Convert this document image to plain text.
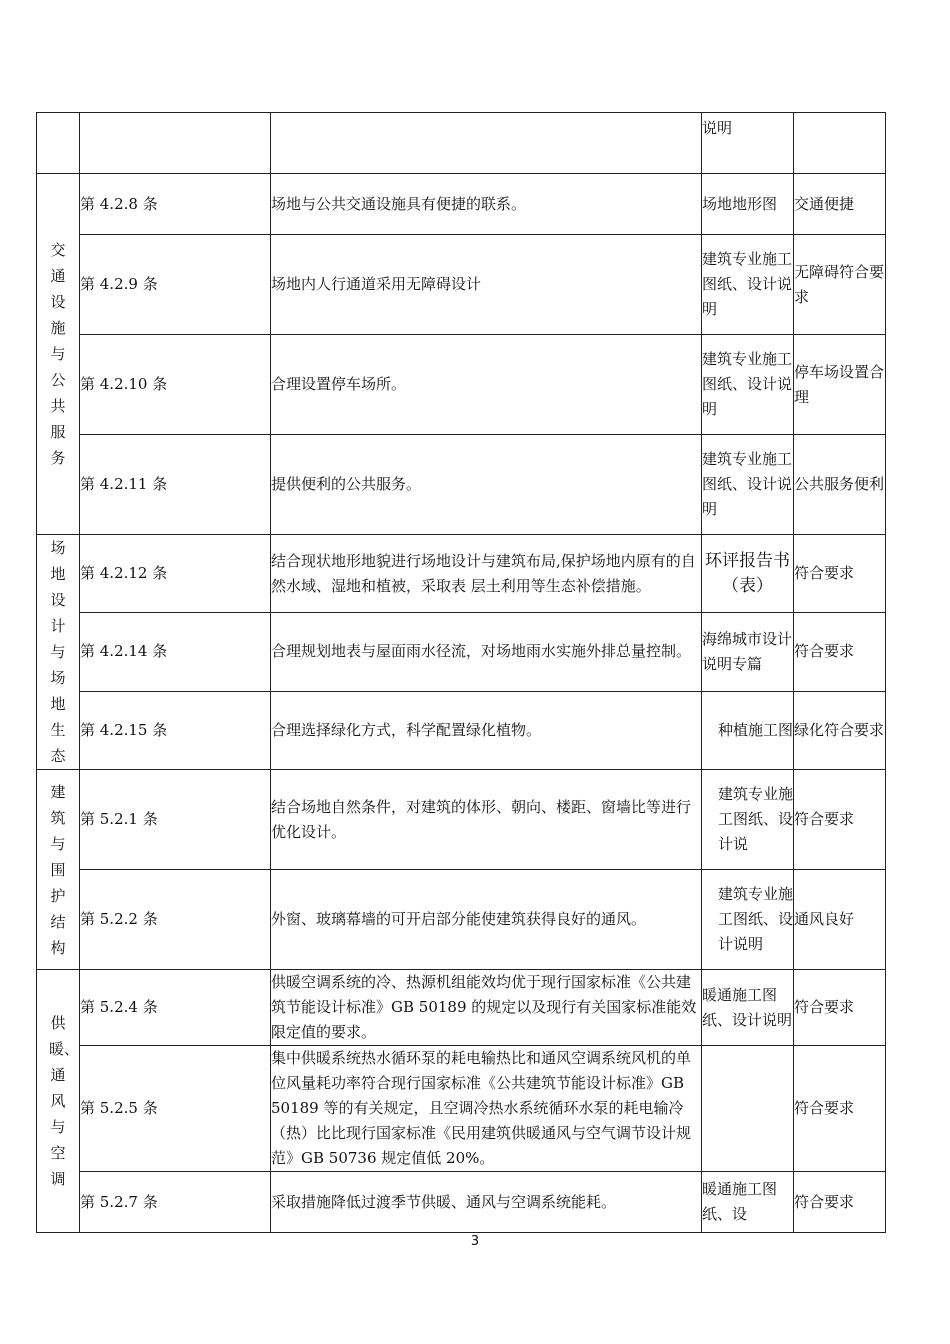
			说明	

交通设施与公共服务	第 4.2.8 条	场地与公共交通设施具有便捷的联系。	场地地形图	交通便捷
	第 4.2.9 条	场地内人行通道采用无障碍设计	建筑专业施工图纸、设计说明	无障碍符合要求
	第 4.2.10 条	合理设置停车场所。	建筑专业施工图纸、设计说明	停车场设置合理
	第 4.2.11 条	提供便利的公共服务。	建筑专业施工图纸、设计说明	公共服务便利

场地设计与场地生态	第 4.2.12 条	结合现状地形地貌进行场地设计与建筑布局,保护场地内原有的自然水域、湿地和植被，采取表 层土利用等生态补偿措施。	环评报告书（表）	符合要求
	第 4.2.14 条	合理规划地表与屋面雨水径流，对场地雨水实施外排总量控制。	海绵城市设计说明专篇	符合要求
	第 4.2.15 条	合理选择绿化方式，科学配置绿化植物。	种植施工图	绿化符合要求

建筑与围护结构	第 5.2.1 条	结合场地自然条件，对建筑的体形、朝向、楼距、窗墙比等进行优化设计。	建筑专业施工图纸、设计说	符合要求
	第 5.2.2 条	外窗、玻璃幕墙的可开启部分能使建筑获得良好的通风。	建筑专业施工图纸、设计说明	通风良好

供暖、通风与空调	第 5.2.4 条	供暖空调系统的冷、热源机组能效均优于现行国家标准《公共建筑节能设计标准》GB 50189 的规定以及现行有关国家标准能效限定值的要求。	暖通施工图纸、设计说明	符合要求
	第 5.2.5 条	集中供暖系统热水循环泵的耗电输热比和通风空调系统风机的单位风量耗功率符合现行国家标准《公共建筑节能设计标准》GB 50189 等的有关规定，且空调冷热水系统循环水泵的耗电输冷（热）比比现行国家标准《民用建筑供暖通风与空气调节设计规范》GB 50736 规定值低 20%。		符合要求
	第 5.2.7 条	采取措施降低过渡季节供暖、通风与空调系统能耗。	暖通施工图纸、设	符合要求
3
